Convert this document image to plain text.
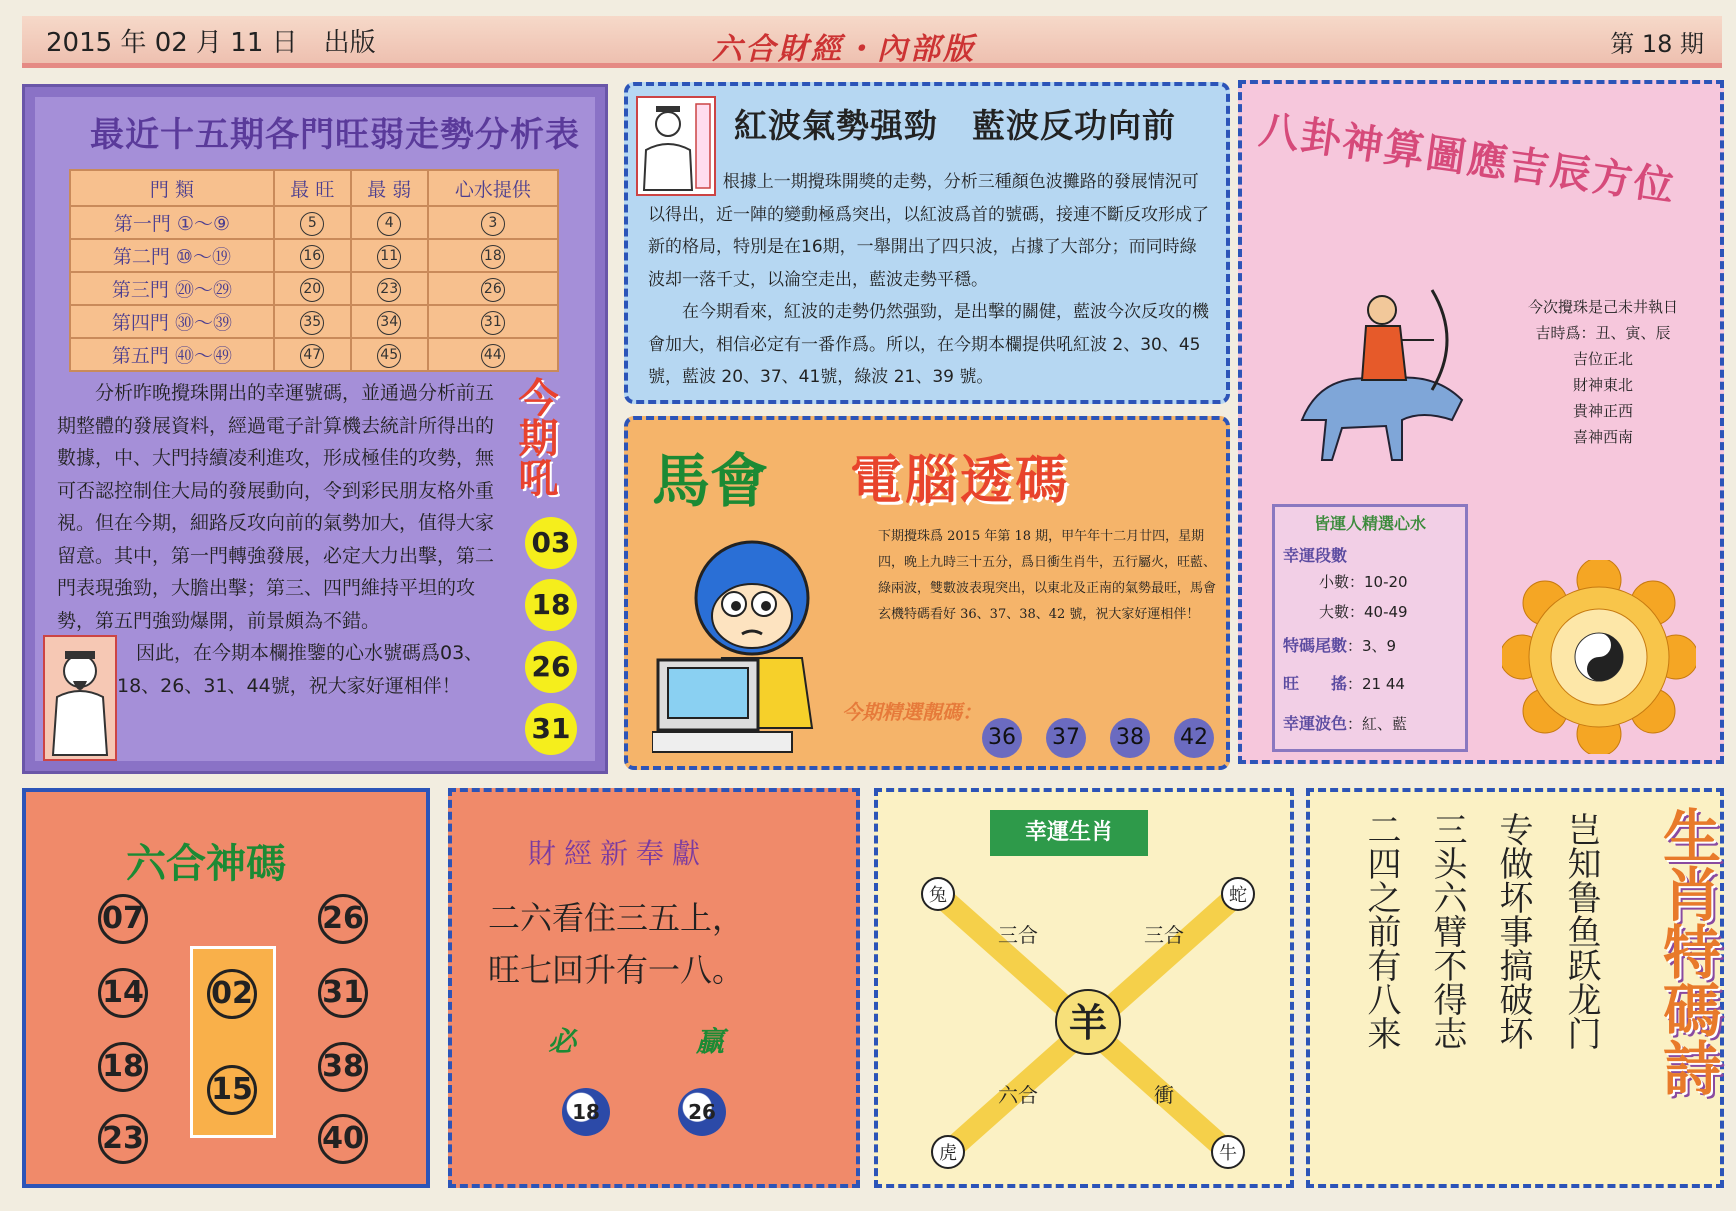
2015 年 02 月 11 日　出版	六合財經・內部版	第 18 期
最近十五期各門旺弱走勢分析表
門 類	最 旺	最 弱	心水提供
第一門 ①～⑨	5	4	3
第二門 ⑩～⑲	16	11	18
第三門 ⑳～㉙	20	23	26
第四門 ㉚～㊴	35	34	31
第五門 ㊵～㊾	47	45	44

分析昨晚攪珠開出的幸運號碼，並通過分析前五期整體的發展資料，經過電子計算機去統計所得出的數據，中、大門持續凌利進攻，形成極佳的攻勢，無可否認控制住大局的發展動向，令到彩民朋友格外重視。但在今期，細路反攻向前的氣勢加大，值得大家留意。其中，第一門轉強發展，必定大力出擊，第二門表現強勁，大膽出擊；第三、四門維持平坦的攻勢，第五門強勁爆開，前景頗為不錯。

因此，在今期本欄推鑒的心水號碼爲03、18、26、31、44號，祝大家好運相伴！

今期吼
03
18
26
31
紅波氣勢强勁　藍波反功向前

根據上一期攪珠開獎的走勢，分析三種顏色波攤路的發展情況可以得出，近一陣的變動極爲突出，以紅波爲首的號碼，接連不斷反攻形成了新的格局，特別是在16期，一舉開出了四只波，占據了大部分；而同時綠波却一落千丈，以淪空走出，藍波走勢平穩。

在今期看來，紅波的走勢仍然强勁，是出擊的關健，藍波今次反攻的機會加大，相信必定有一番作爲。所以，在今期本欄提供吼紅波 2、30、45 號，藍波 20、37、41號，綠波 21、39 號。

馬會 電腦透碼
下期攪珠爲 2015 年第 18 期，甲午年十二月廿四，星期四，晚上九時三十五分，爲日衝生肖牛，五行屬火，旺藍、綠兩波，雙數波表現突出，以東北及正南的氣勢最旺，馬會玄機特碼看好 36、37、38、42 號，祝大家好運相伴！
今期精選靚碼：
36 37 38 42
八卦神算圖應吉辰方位
今次攪珠是己未井執日
吉時爲：丑、寅、辰
吉位正北
財神東北
貴神正西
喜神西南
皆運人精選心水
幸運段數
小數：10-20
大數：40-49
特碼尾數：3、9
旺　　搖：21 44
幸運波色：紅、藍
六合神碼
07
14
18
23
26
31
38
40
02
15
財經新奉獻
二六看住三五上，
旺七回升有一八。
必	贏
18	26
幸運生肖
羊
兔	蛇
虎	牛
三合	三合
六合	衝
岂知鲁鱼跃龙门
专做坏事搞破坏
三头六臂不得志
二四之前有八来	生肖特碼詩
